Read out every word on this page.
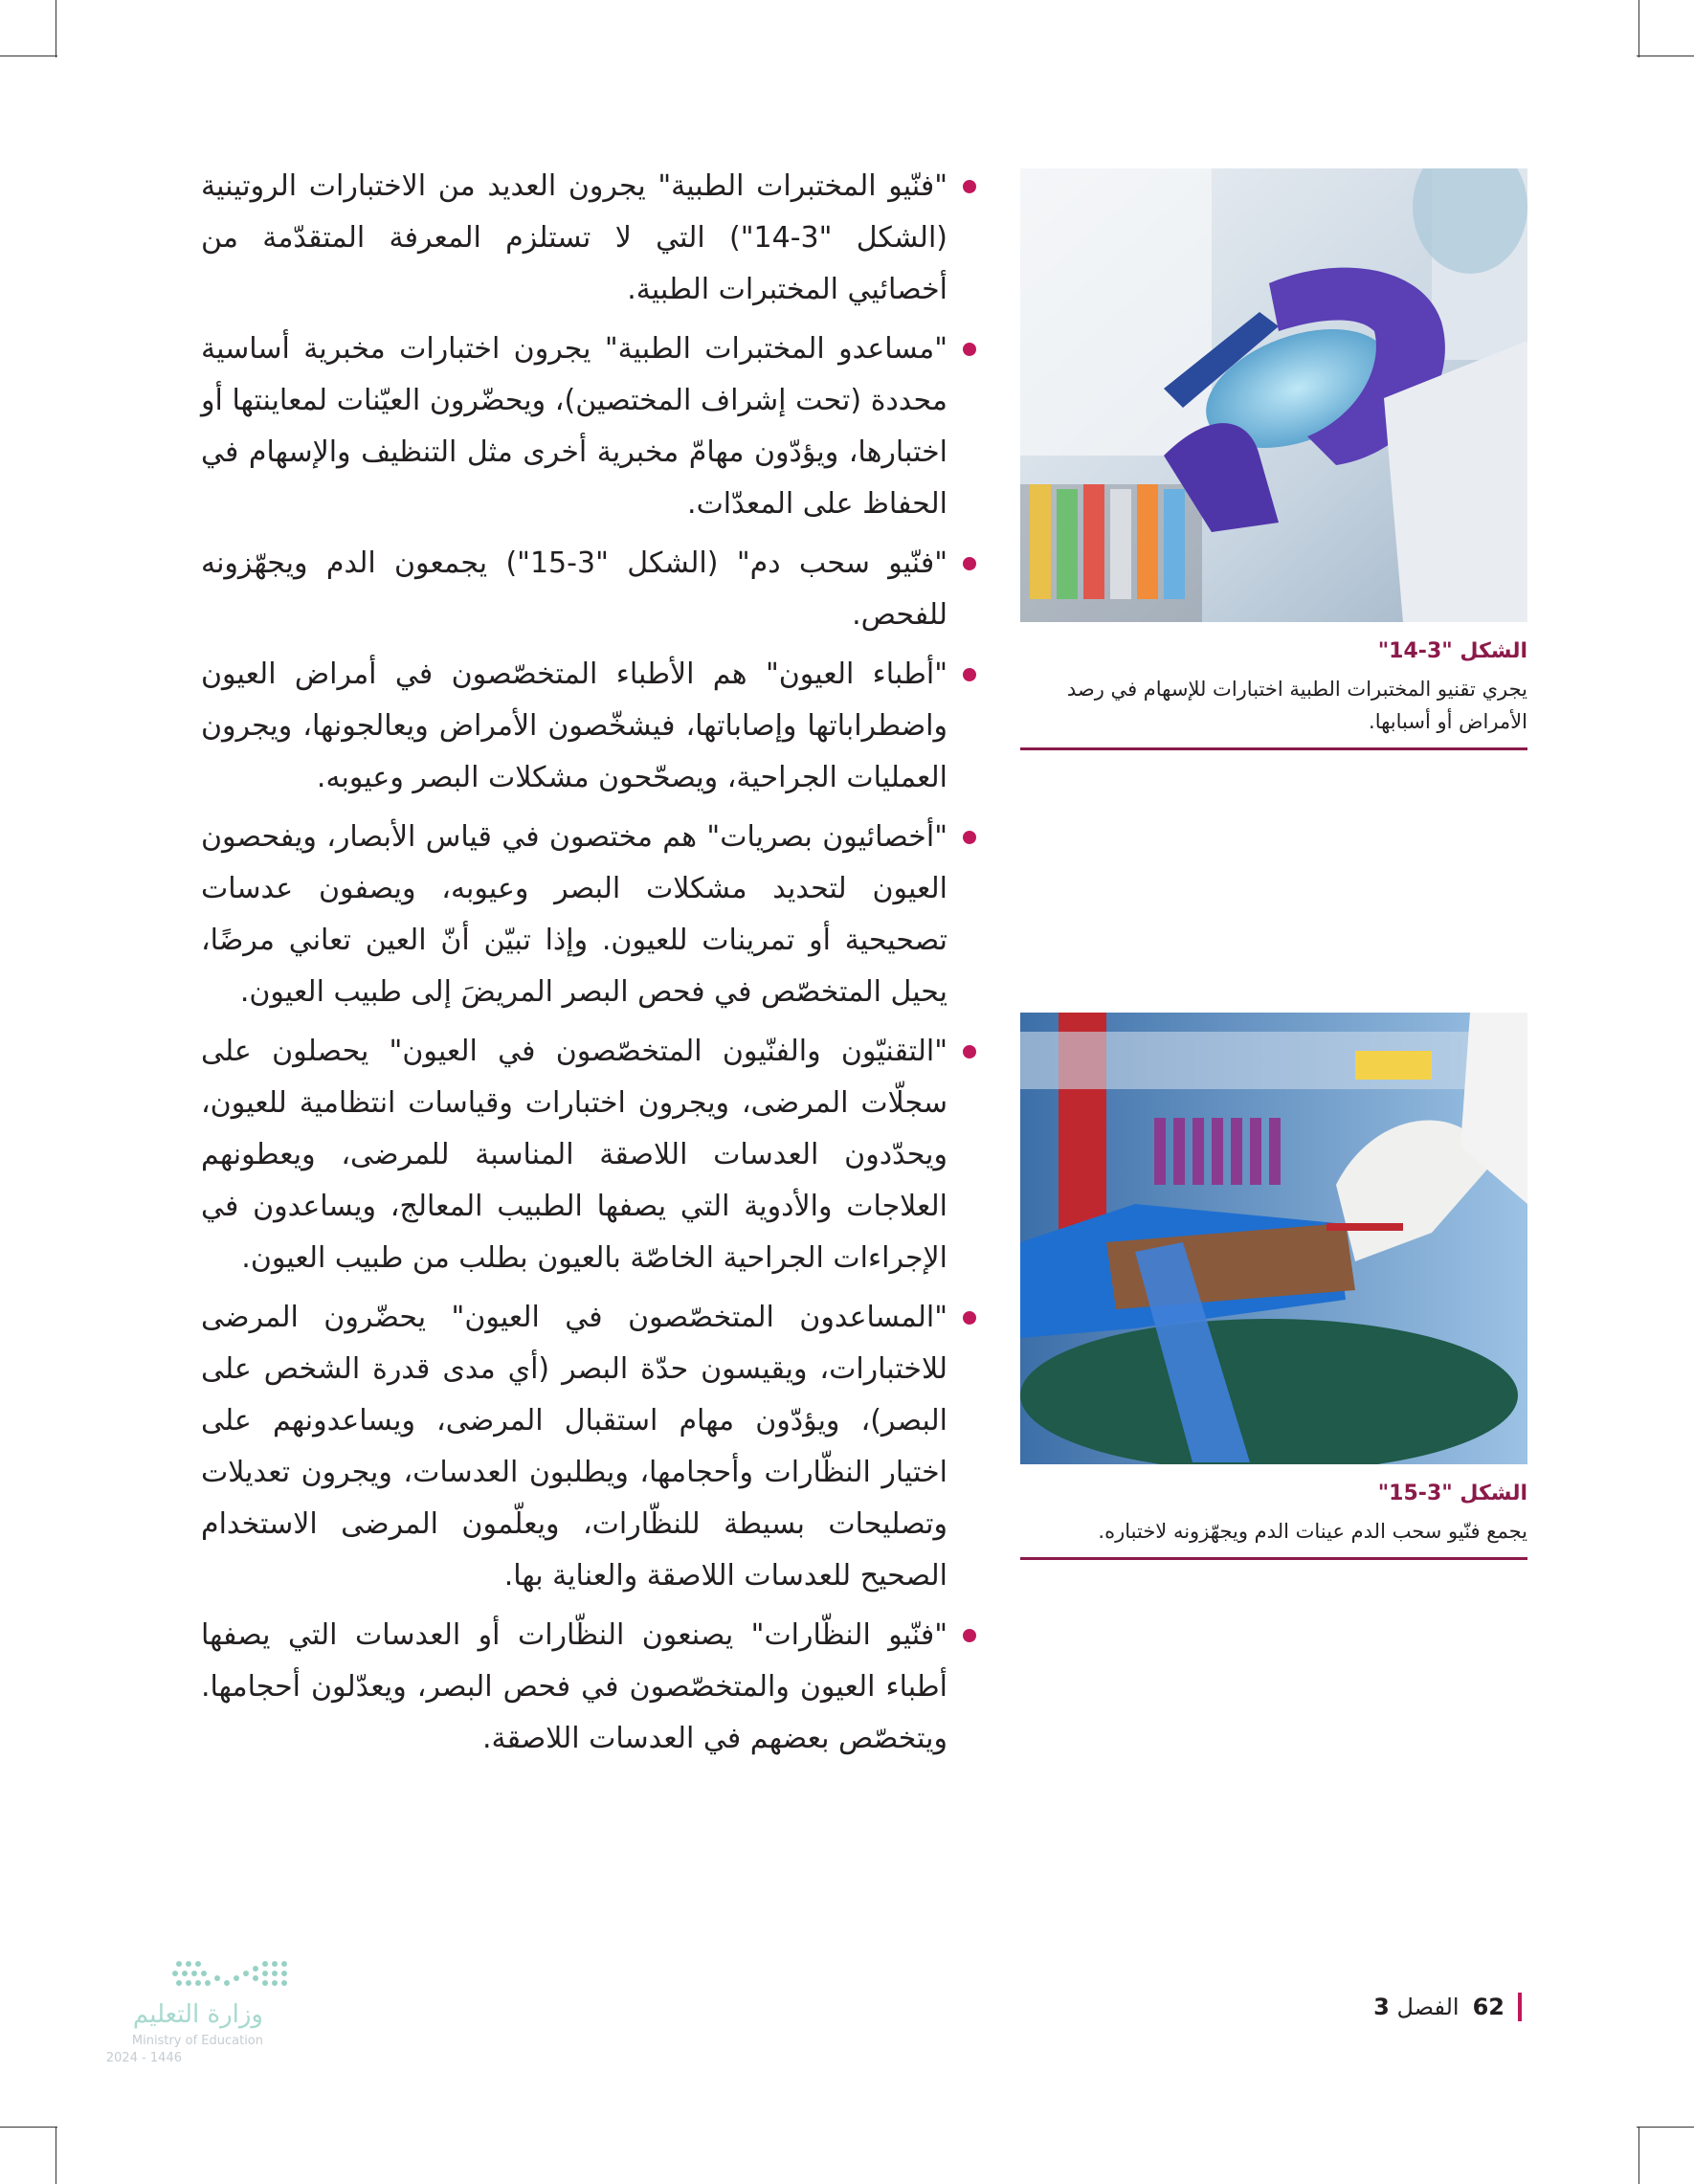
"فنّيو المختبرات الطبية" يجرون العديد من الاختبارات الروتينية (الشكل "3-14") التي لا تستلزم المعرفة المتقدّمة من أخصائيي المختبرات الطبية.
"مساعدو المختبرات الطبية" يجرون اختبارات مخبرية أساسية محددة (تحت إشراف المختصين)، ويحضّرون العيّنات لمعاينتها أو اختبارها، ويؤدّون مهامّ مخبرية أخرى مثل التنظيف والإسهام في الحفاظ على المعدّات.
"فنّيو سحب دم" (الشكل "3-15") يجمعون الدم ويجهّزونه للفحص.
"أطباء العيون" هم الأطباء المتخصّصون في أمراض العيون واضطراباتها وإصاباتها، فيشخّصون الأمراض ويعالجونها، ويجرون العمليات الجراحية، ويصحّحون مشكلات البصر وعيوبه.
"أخصائيون بصريات" هم مختصون في قياس الأبصار، ويفحصون العيون لتحديد مشكلات البصر وعيوبه، ويصفون عدسات تصحيحية أو تمرينات للعيون. وإذا تبيّن أنّ العين تعاني مرضًا، يحيل المتخصّص في فحص البصر المريضَ إلى طبيب العيون.
"التقنيّون والفنّيون المتخصّصون في العيون" يحصلون على سجلّات المرضى، ويجرون اختبارات وقياسات انتظامية للعيون، ويحدّدون العدسات اللاصقة المناسبة للمرضى، ويعطونهم العلاجات والأدوية التي يصفها الطبيب المعالج، ويساعدون في الإجراءات الجراحية الخاصّة بالعيون بطلب من طبيب العيون.
"المساعدون المتخصّصون في العيون" يحضّرون المرضى للاختبارات، ويقيسون حدّة البصر (أي مدى قدرة الشخص على البصر)، ويؤدّون مهام استقبال المرضى، ويساعدونهم على اختيار النظّارات وأحجامها، ويطلبون العدسات، ويجرون تعديلات وتصليحات بسيطة للنظّارات، ويعلّمون المرضى الاستخدام الصحيح للعدسات اللاصقة والعناية بها.
"فنّيو النظّارات" يصنعون النظّارات أو العدسات التي يصفها أطباء العيون والمتخصّصون في فحص البصر، ويعدّلون أحجامها. ويتخصّص بعضهم في العدسات اللاصقة.
الشكل "3-14"
يجري تقنيو المختبرات الطبية اختبارات للإسهام في رصد الأمراض أو أسبابها.
الشكل "3-15"
يجمع فنّيو سحب الدم عينات الدم ويجهّزونه لاختباره.
وزارة التعليم
Ministry of Education
2024 - 1446
62
الفصل 3
